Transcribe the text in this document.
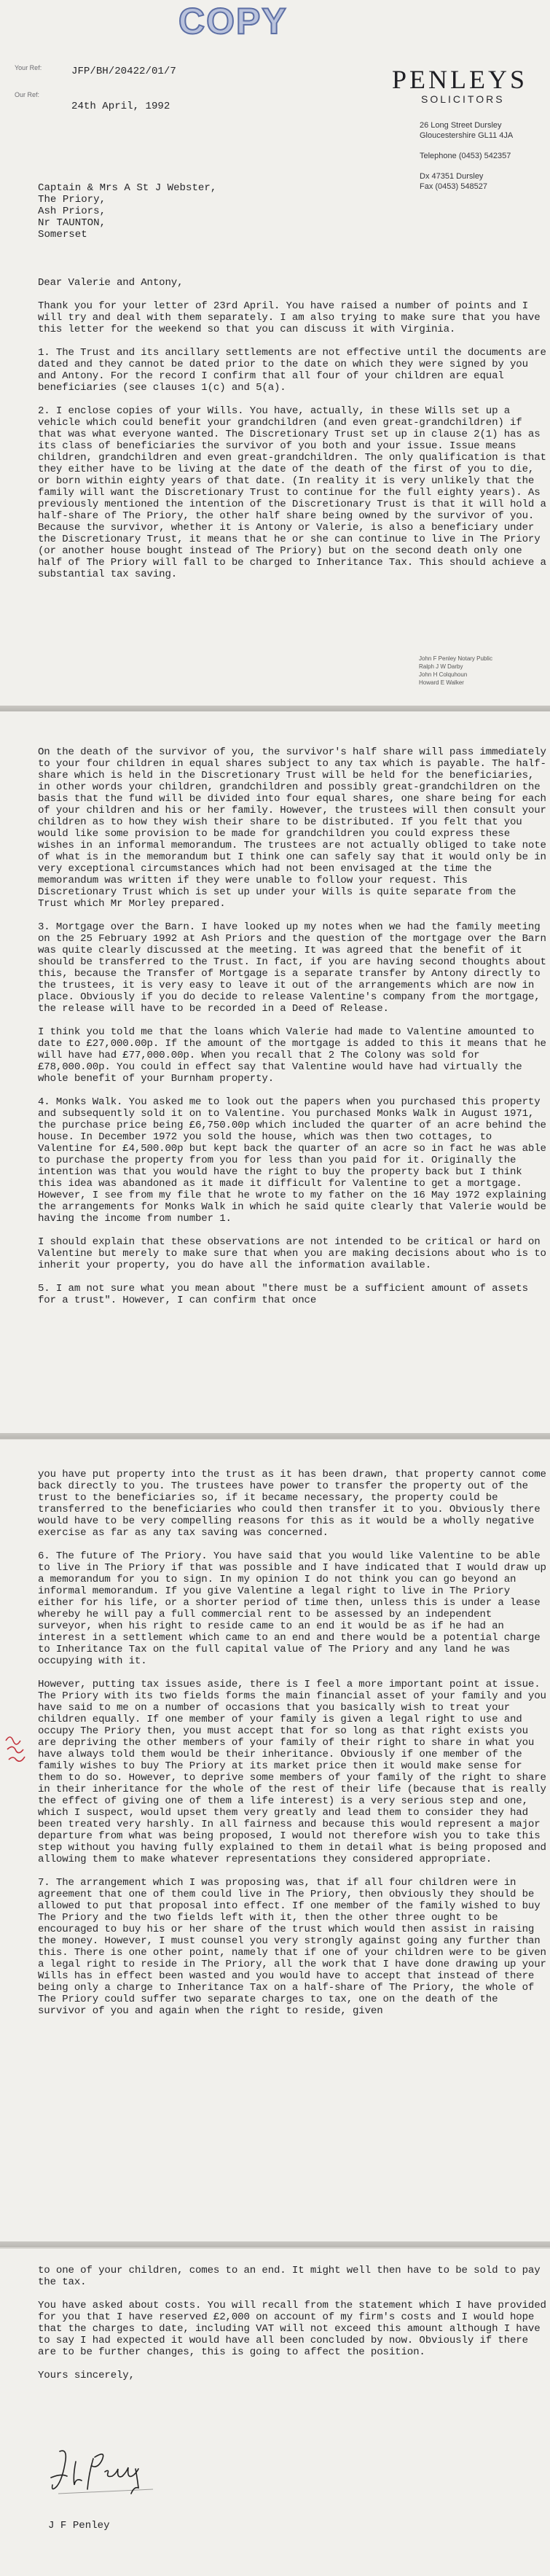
COPY
Your Ref:
Our Ref:
PENLEYS
SOLICITORS
26 Long Street Dursley
Gloucestershire GL11 4JA
Telephone (0453) 542357
Dx 47351 Dursley
Fax (0453) 548527
JFP/BH/20422/01/7
24th April, 1992
Captain & Mrs A St J Webster,
The Priory,
Ash Priors,
Nr TAUNTON,
Somerset

Dear Valerie and Antony,

Thank you for your letter of 23rd April. You have raised a number of points and I will try and deal with them separately. I am also trying to make sure that you have this letter for the weekend so that you can discuss it with Virginia.

1. The Trust and its ancillary settlements are not effective until the documents are dated and they cannot be dated prior to the date on which they were signed by you and Antony. For the record I confirm that all four of your children are equal beneficiaries (see clauses 1(c) and 5(a).

2. I enclose copies of your Wills. You have, actually, in these Wills set up a vehicle which could benefit your grandchildren (and even great-grandchildren) if that was what everyone wanted. The Discretionary Trust set up in clause 2(1) has as its class of beneficiaries the survivor of you both and your issue. Issue means children, grandchildren and even great-grandchildren. The only qualification is that they either have to be living at the date of the death of the first of you to die, or born within eighty years of that date. (In reality it is very unlikely that the family will want the Discretionary Trust to continue for the full eighty years). As previously mentioned the intention of the Discretionary Trust is that it will hold a half-share of The Priory, the other half share being owned by the survivor of you. Because the survivor, whether it is Antony or Valerie, is also a beneficiary under the Discretionary Trust, it means that he or she can continue to live in The Priory (or another house bought instead of The Priory) but on the second death only one half of The Priory will fall to be charged to Inheritance Tax. This should achieve a substantial tax saving.

John F Penley Notary Public
Ralph J W Darby
John H Colquhoun
Howard E Walker

On the death of the survivor of you, the survivor's half share will pass immediately to your four children in equal shares subject to any tax which is payable. The half-share which is held in the Discretionary Trust will be held for the beneficiaries, in other words your children, grandchildren and possibly great-grandchildren on the basis that the fund will be divided into four equal shares, one share being for each of your children and his or her family. However, the trustees will then consult your children as to how they wish their share to be distributed. If you felt that you would like some provision to be made for grandchildren you could express these wishes in an informal memorandum. The trustees are not actually obliged to take note of what is in the memorandum but I think one can safely say that it would only be in very exceptional circumstances which had not been envisaged at the time the memorandum was written if they were unable to follow your request. This Discretionary Trust which is set up under your Wills is quite separate from the Trust which Mr Morley prepared.

3. Mortgage over the Barn. I have looked up my notes when we had the family meeting on the 25 February 1992 at Ash Priors and the question of the mortgage over the Barn was quite clearly discussed at the meeting. It was agreed that the benefit of it should be transferred to the Trust. In fact, if you are having second thoughts about this, because the Transfer of Mortgage is a separate transfer by Antony directly to the trustees, it is very easy to leave it out of the arrangements which are now in place. Obviously if you do decide to release Valentine's company from the mortgage, the release will have to be recorded in a Deed of Release.

I think you told me that the loans which Valerie had made to Valentine amounted to date to £27,000.00p. If the amount of the mortgage is added to this it means that he will have had £77,000.00p. When you recall that 2 The Colony was sold for £78,000.00p. You could in effect say that Valentine would have had virtually the whole benefit of your Burnham property.

4. Monks Walk. You asked me to look out the papers when you purchased this property and subsequently sold it on to Valentine. You purchased Monks Walk in August 1971, the purchase price being £6,750.00p which included the quarter of an acre behind the house. In December 1972 you sold the house, which was then two cottages, to Valentine for £4,500.00p but kept back the quarter of an acre so in fact he was able to purchase the property from you for less than you paid for it. Originally the intention was that you would have the right to buy the property back but I think this idea was abandoned as it made it difficult for Valentine to get a mortgage. However, I see from my file that he wrote to my father on the 16 May 1972 explaining the arrangements for Monks Walk in which he said quite clearly that Valerie would be having the income from number 1.

I should explain that these observations are not intended to be critical or hard on Valentine but merely to make sure that when you are making decisions about who is to inherit your property, you do have all the information available.

5. I am not sure what you mean about "there must be a sufficient amount of assets for a trust". However, I can confirm that once

you have put property into the trust as it has been drawn, that property cannot come back directly to you. The trustees have power to transfer the property out of the trust to the beneficiaries so, if it became necessary, the property could be transferred to the beneficiaries who could then transfer it to you. Obviously there would have to be very compelling reasons for this as it would be a wholly negative exercise as far as any tax saving was concerned.

6. The future of The Priory. You have said that you would like Valentine to be able to live in The Priory if that was possible and I have indicated that I would draw up a memorandum for you to sign. In my opinion I do not think you can go beyond an informal memorandum. If you give Valentine a legal right to live in The Priory either for his life, or a shorter period of time then, unless this is under a lease whereby he will pay a full commercial rent to be assessed by an independent surveyor, when his right to reside came to an end it would be as if he had an interest in a settlement which came to an end and there would be a potential charge to Inheritance Tax on the full capital value of The Priory and any land he was occupying with it.

However, putting tax issues aside, there is I feel a more important point at issue. The Priory with its two fields forms the main financial asset of your family and you have said to me on a number of occasions that you basically wish to treat your children equally. If one member of your family is given a legal right to use and occupy The Priory then, you must accept that for so long as that right exists you are depriving the other members of your family of their right to share in what you have always told them would be their inheritance. Obviously if one member of the family wishes to buy The Priory at its market price then it would make sense for them to do so. However, to deprive some members of your family of the right to share in their inheritance for the whole of the rest of their life (because that is really the effect of giving one of them a life interest) is a very serious step and one, which I suspect, would upset them very greatly and lead them to consider they had been treated very harshly. In all fairness and because this would represent a major departure from what was being proposed, I would not therefore wish you to take this step without you having fully explained to them in detail what is being proposed and allowing them to make whatever representations they considered appropriate.

7. The arrangement which I was proposing was, that if all four children were in agreement that one of them could live in The Priory, then obviously they should be allowed to put that proposal into effect. If one member of the family wished to buy The Priory and the two fields left with it, then the other three ought to be encouraged to buy his or her share of the trust which would then assist in raising the money. However, I must counsel you very strongly against going any further than this. There is one other point, namely that if one of your children were to be given a legal right to reside in The Priory, all the work that I have done drawing up your Wills has in effect been wasted and you would have to accept that instead of there being only a charge to Inheritance Tax on a half-share of The Priory, the whole of The Priory could suffer two separate charges to tax, one on the death of the survivor of you and again when the right to reside, given

to one of your children, comes to an end. It might well then have to be sold to pay the tax.

You have asked about costs. You will recall from the statement which I have provided for you that I have reserved £2,000 on account of my firm's costs and I would hope that the charges to date, including VAT will not exceed this amount although I have to say I had expected it would have all been concluded by now. Obviously if there are to be further changes, this is going to affect the position.

Yours sincerely,

J F Penley
